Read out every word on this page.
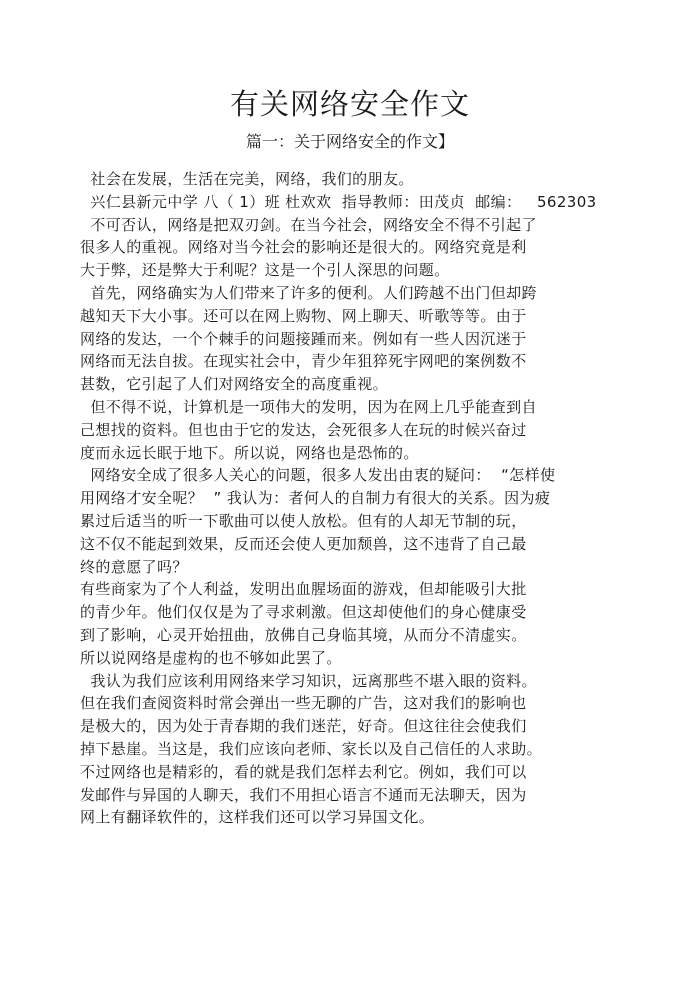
有关网络安全作文
篇一：关于网络安全的作文】
社会在发展，生活在完美，网络，我们的朋友。
兴仁县新元中学 八（ 1）班 杜欢欢  指导教师：田茂贞  邮编：   562303
不可否认，网络是把双刃剑。在当今社会，网络安全不得不引起了
很多人的重视。网络对当今社会的影响还是很大的。网络究竟是利
大于弊，还是弊大于利呢？这是一个引人深思的问题。
首先，网络确实为人们带来了许多的便利。人们跨越不出门但却跨
越知天下大小事。还可以在网上购物、网上聊天、听歌等等。由于
网络的发达，一个个棘手的问题接踵而来。例如有一些人因沉迷于
网络而无法自拔。在现实社会中，青少年狙猝死宇网吧的案例数不
甚数，它引起了人们对网络安全的高度重视。
但不得不说，计算机是一项伟大的发明，因为在网上几乎能查到自
己想找的资料。但也由于它的发达，会死很多人在玩的时候兴奋过
度而永远长眠于地下。所以说，网络也是恐怖的。
网络安全成了很多人关心的问题，很多人发出由衷的疑问：  “怎样使
用网络才安全呢？  ” 我认为：者何人的自制力有很大的关系。因为疲
累过后适当的听一下歌曲可以使人放松。但有的人却无节制的玩，
这不仅不能起到效果，反而还会使人更加颓兽，这不违背了自己最
终的意愿了吗？
有些商家为了个人利益，发明出血腥场面的游戏，但却能吸引大批
的青少年。他们仅仅是为了寻求刺激。但这却使他们的身心健康受
到了影响，心灵开始扭曲，放佛自己身临其境，从而分不清虚实。
所以说网络是虚构的也不够如此罢了。
我认为我们应该利用网络来学习知识，远离那些不堪入眼的资料。
但在我们查阅资料时常会弹出一些无聊的广告，这对我们的影响也
是极大的，因为处于青春期的我们迷茫，好奇。但这往往会使我们
掉下悬崖。当这是，我们应该向老师、家长以及自己信任的人求助。
不过网络也是精彩的，看的就是我们怎样去利它。例如，我们可以
发邮件与异国的人聊天，我们不用担心语言不通而无法聊天，因为
网上有翻译软件的，这样我们还可以学习异国文化。
